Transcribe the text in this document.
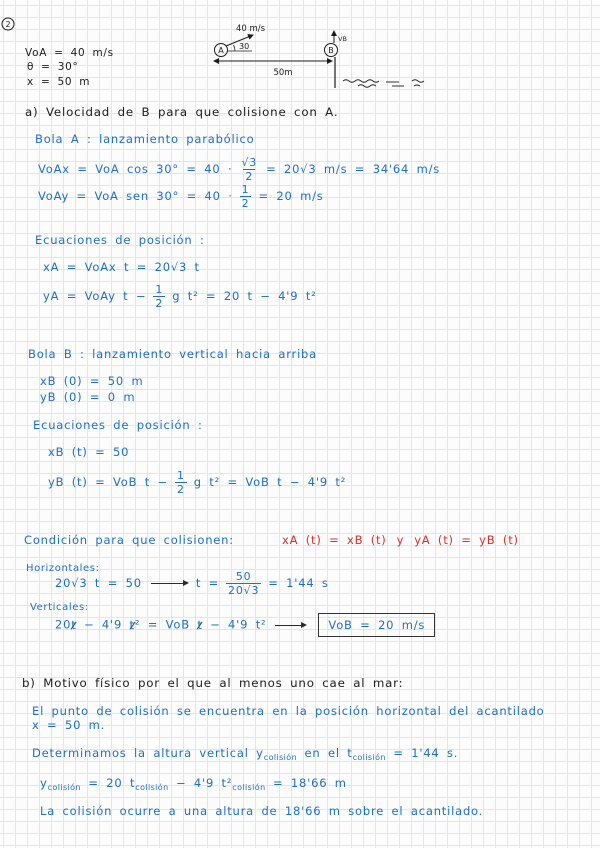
2
A
40 m/s
30	B
VB
50m
VoA = 40 m/s
θ = 30°
x = 50 m
a) Velocidad de B para que colisione con A.
Bola A : lanzamiento parabólico
VoAx = VoA $\cos 30^\circ = 40 \cdot \frac{√3}{2} = 20√3$ m/s = 34'64 m/s
VoAy = VoA sen $30^\circ = 40 \cdot \frac{1}{2} = 20$ m/s
Ecuaciones de posición :
xA = VoAx t = 20√3 t
yA = VoAy $t - \frac{1}{2}$ g t² = 20 t − 4'9 t²
Bola B : lanzamiento vertical hacia arriba
xB (0) = 50 m
yB (0) = 0 m
Ecuaciones de posición :
xB (t) = 50
yB (t) = VoB $t - \frac{1}{2}$ g t² = VoB t − 4'9 t²
Condición para que colisionen:	xA (t) = xB (t) y yA (t) = yB (t)
Horizontales:
20√3 t = 50	$t = \frac{50}{20√3} = 1'44$ s
Verticales:
20t − 4'9 t² = VoB t − 4'9 t²	VoB = 20 m/s
b) Motivo físico por el que al menos uno cae al mar:
El punto de colisión se encuentra en la posición horizontal del acantilado
x = 50 m.
Determinamos la altura vertical $y_{colisión}$ en el $t_{colisión} = 1'44$ s.
$y_{colisión} = 20$ $t_{colisión} - 4'9$ $t^2_{colisión} = 18'66$ m
La colisión ocurre a una altura de 18'66 m sobre el acantilado.
